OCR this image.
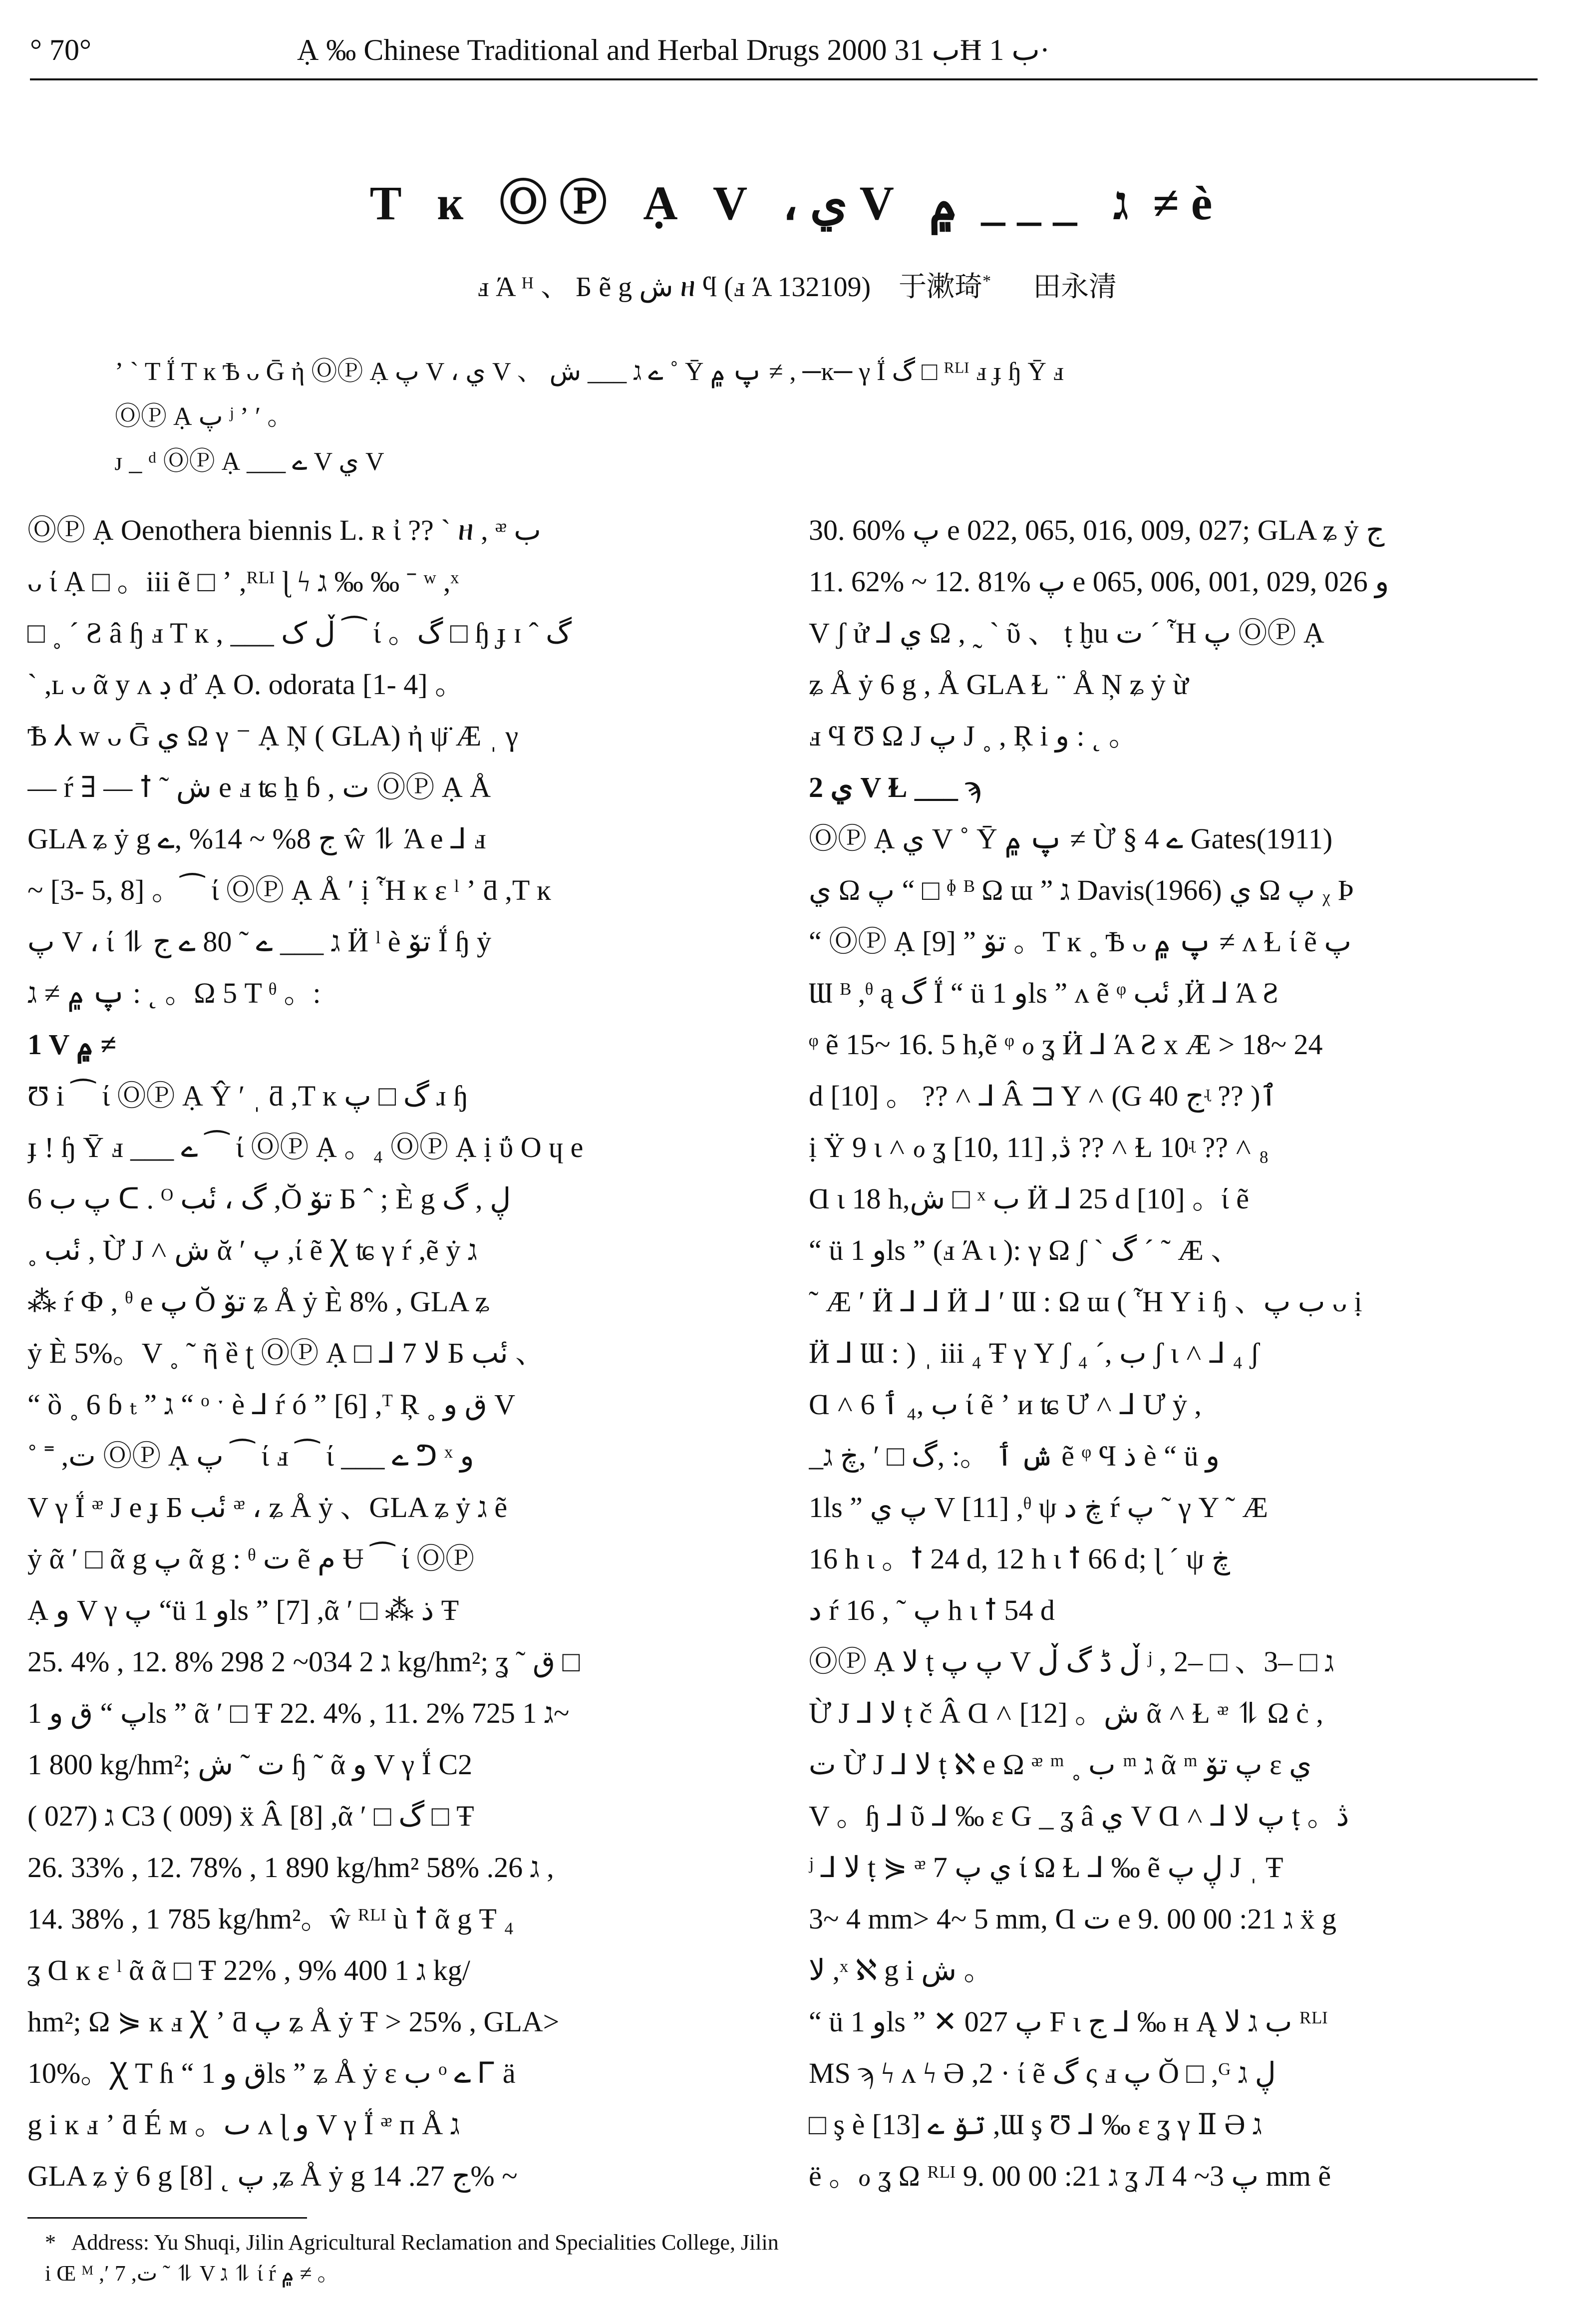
° 70°	Ạ ‰ Chinese Traditional and Herbal Drugs 2000 ب 31Ħ ب 1·
T ĸ ⓄⓅ Ạ V ، ي V ג ___ ۾ ≠ è
ⅎ Ά ᴴ 、 Б ẽ g ش ዘ ϥ (ⅎ Ά 132109) 于漱琦* 田永清

ʼ ˋ T Ḯ T ĸ Ѣ ᴗ Ḡ ἠ ⓄⓅ Ạ پ V ، ي V 、 ے ג ___ ش ˚ Ȳ پ ۾ ≠ , ─ĸ─ γ Ḯ گ □ ᴿᴸᴵ ⅎ ɟ ɧ Ȳ ⅎ

ⓄⓅ Ạ پ ʲ ʼ ʹ 。

ᴊ _ ᵈ ⓄⓅ Ạ ___ ے V ي V

ⓄⓅ Ạ Oenothera biennis L. ʀ ἰ ?? ˋ ዘ , ᵆ ب

ᴗ ί Ạ □ 。iii ẽ □ ʼ ,ᴿᴸᴵ ɭ ϟ ג ‰ ‰ ˉ ʷ ,ˣ

□ ˳ ˊ Ƨ â ɧ ⅎ T ĸ , ___ ڵ ک ⁀ ί 。گ □ ɧ ɟ ɪ ˆ گ

ˋ ,ʟ ᴗ ᾶ y ᴧ ڊ ď Ạ O. odorata [1- 4] 。

Ѣ ⅄ w ᴗ Ḡ ي Ω γ ⁻ Ạ Ņ ( GLA) ἠ ψ̈ Æ ˌ γ

— ŕ ∃ — ꝉ ˜ ش e ⅎ ʨ ẖ ɓ , ت ⓄⓅ Ạ Å

GLA ʑ ẏ g ج 8% ~ 14% ,ے ŵ ⥮ Ά e ⅃ ⅎ

~ [3- 5, 8] 。⁀ ί ⓄⓅ Ạ Å ʹ ị Ἧ ĸ ɛ ˡ ʼ ƌ ,T ĸ

پ V ، ί ⥮ ג ___ ے ˜ 80 ے ج Ӥ ˡ è تۆ Ḯ ɧ ẏ

پ ۾ ≠ ג : ˛ 。Ω 5 T ᶿ 。:

1 V ۾ ≠

Ʊ i ⁀ ί ⓄⓅ Ạ Ŷ ʹ ˌ ƌ ,T ĸ گ □ پ ɹ ɧ

ɟ ! ɧ Ȳ ⅎ ___ ے ⁀ ί ⓄⓅ Ạ 。₄ ⓄⓅ Ạ ị ΰ O ɥ e

6 پ ب ᑕ . ᴼ گ ، نٔب ,Ŏ تۆ Б ˆ ; È g ڸ , گ

˳ نٔب , Ừ J ˄ ش ᾰ ʹ پ ,ί ẽ Ꭓ ʨ γ ŕ ,ẽ ẏ ג

⁂ ŕ Ф , ᶿ e پ Ŏ تۆ ʑ Å ẏ È 8% , GLA ʑ

ẏ È 5%。V ˳ ˜ ῆ ȅ ʈ ⓄⓅ Ạ □ ⅃ 7 ﻻ Б نٔب 、

“ ȍ ˳ 6 ɓ ₜ ” ג “ ᵒ ˑ è ⅃ ŕ ó ” [6] ,ᵀ Ŗ ˳ ق و V

˚ ˭ ,ت ⓄⓅ Ạ پ ⁀ ί ⅎ ⁀ ί ___ ے ᕤ ˣ و

V γ Ḯ ᵆ J e ɟ Б نٔب ᵆ ، ʑ Å ẏ 、GLA ʑ ẏ ג ẽ

ẏ ᾶ ʹ □ ᾶ g پ ᾶ g : ᶿ ت ẽ م Ʉ ⁀ ί ⓄⓅ

Ạ و V γ پ “ü و 1ls ” [7] ,ᾶ ʹ □ ⁂ ذ Ŧ

25. 4% , 12. 8% ג 2 034~ 2 298 kg/hm²; ʓ ˜ ق □

پ “ ق و 1ls ” ᾶ ʹ □ Ŧ 22. 4% , 11. 2% ג 1 725~

1 800 kg/hm²; ت ˜ ش ɧ ˜ ᾶ و V γ Ḯ C2

( 027) ג C3 ( 009) ẍ Â [8] ,ᾶ ʹ □ گ □ Ŧ

26. 33% , 12. 78% , 1 890 kg/hm² ג 26. 58% ,

14. 38% , 1 785 kg/hm²。ŵ ᴿᴸᴵ ù ꝉ ᾶ g Ŧ ₄

ʓ Ɑ ĸ ɛ ˡ ᾶ ᾶ □ Ŧ 22% , 9% ג 1 400 kg/

hm²; Ω ⋟ ĸ ⅎ Ꭓ ʼ ƌ پ ʑ Å ẏ Ŧ > 25% , GLA>

10%。Ꭓ T ɦ “ ق و 1ls ” ʑ Å ẏ ɛ ب ᵒ ے Ꮁ ä

g i ĸ ⅎ ʼ ƌ É ᴍ 。ٮ ᴧ ɭ و V γ Ḯ ᵆ ᴨ Å ג

GLA ʑ ẏ 6 g پ ˛ [8] ,ʑ Å ẏ g ج 27. 14% ~

30. 60% پ e 022, 065, 016, 009, 027; GLA ʑ ẏ ج

11. 62% ~ 12. 81% پ e 065, 006, 001, 029, 026 و

V ʃ ử ⅃ ي Ω , ˷ ˋ ῦ 、 ṭ ḫu ت ˊ Ἧ پ ⓄⓅ Ạ

ʑ Å ẏ 6 g , Å GLA Ɫ ¨ Å Ņ ʑ ẏ ừ

ⅎ Ϥ Ʊ Ω J پ J ˳ , Ŗ i و : ˛ 。

2 ي V Ɫ ___ ϡ

ⓄⓅ Ạ ي V ˚ Ȳ پ ۾ ≠ Ừ § 4 ے Gates(1911)

ي Ω پ “ □ ᶲ ᴮ Ω ɯ ” ג Davis(1966) ي Ω پ ᵪ Ϸ

“ ⓄⓅ Ạ تۆ ” [9] 。T ĸ ˳ Ѣ ᴗ پ ۾ ≠ ᴧ Ɫ ί ẽ پ

Ɯ ᴮ ,ᶿ ą گ Ḯ “ ü و 1ls ” ᴧ ẽ ᵠ نٔب ,Ӥ ⅃ Ά Ƨ

ᵠ ẽ 15~ 16. 5 h,ẽ ᵠ ℴ ʓ Ӥ ⅃ Ά Ƨ x Æ > 18~ 24

d [10] 。 ?? ˄ ⅃ Â ⊐ Y ˄ (G ج 40ʵ ?? )ٱ

ị Ÿ 9 ɩ ˄ ℴ ʓ [10, 11] ,ڎ ?? ˄ Ɫ 10ʵ ?? ˄ ₈

Ɑ ɩ 18 h,ش □ ˣ ب Ӥ ⅃ 25 d [10] 。ί ẽ

“ ü و 1ls ” (ⅎ Ά ɩ ): γ Ω ʃ ˋ گ ˊ ˜ Æ 、

˜ Æ ʹ Ӥ ⅃ ⅃ Ӥ ⅃ ʹ Ɯ : Ω ɯ ( Ἧ Y i ɧ 、ب پ ᴗ ị

Ӥ ⅃ Ɯ : ) ˌ iii ₄ Ŧ γ Y ʃ ب ,ˊ ₄ ʃ ɩ ˄ ⅃ ₄ ʃ

Ɑ ˄ 6 ب ,₄ ٲ ί ẽ ʼ ᴎ ʨ Ư ˄ ⅃ Ư ẏ ,

_ش ٲ 。: ,گ □ ʹ ,ڿ ג ẽ ᵠ Ϥ ذ è “ ü و

1ls ” پ ي V [11] ,ᶿ ψ ڿ د ŕ پ ˜ γ Y ˜ Æ

16 h ɩ 。ꝉ 24 d, 12 h ɩ ꝉ 66 d; ɭ ˊ ψ ڿ

د ŕ پ ˜ , 16 h ɩ ꝉ 54 d

ⓄⓅ Ạ ﻻ ṭ پ پ V ڵ ڈ گ ڵ ʲ , 2‒ □ 、3‒ □ ג

Ừ J ⅃ ﻻ ṭ č Â Ɑ ˄ [12] 。ش ᾶ ˄ Ɫ ᵆ ⥮ Ω ċ ,

ت Ừ J ⅃ ﻻ ṭ ℵ e Ω ᵆ ᵐ ˳ ب ᵐ ג ᾶ ᵐ پ تۆ ɛ ي

V 。ɧ ⅃ ῦ ⅃ ‰ ɛ G _ ʓ â ي V Ɑ ˄ ⅃ پ ﻻ ṭ 。ڎ

ʲ ⅃ ﻻ ṭ ⋟ ᵆ 7 ي پ ί Ω Ɫ ⅃ ‰ ẽ ڸ پ J ˌ Ŧ

3~ 4 mm> 4~ 5 mm, Ɑ ت e 9. 00 ג 21: 00 ẍ g

ﻻ ,ˣ ℵ g i ش 。

“ ü و 1ls ” ✕ 027 پ F ɩ ج ⅃ ‰ ʜ Ą ب ג ﻻ ᴿᴸᴵ

MS ϡ ϟ ᴧ ϟ Ә ,2 · ί ẽ گ ς ⅎ پ Ŏ □ ,ᴳ ڸ ג

□ ş è تۆ ے [13] ,Ɯ ş Ʊ ⅃ ‰ ɛ ʓ γ Ⅱ Ә ג

ë 。ℴ ʓ Ω ᴿᴸᴵ 9. 00 ג 21: 00 ʓ Л پ 3~ 4 mm ẽ

* Address: Yu Shuqi, Jilin Agricultural Reclamation and Specialities College, Jilin

i Œ ᴹ ,ʹ 7 ,ت ˜ ⥮ V ג ⥮ ί ŕ ۾ ≠ 。
